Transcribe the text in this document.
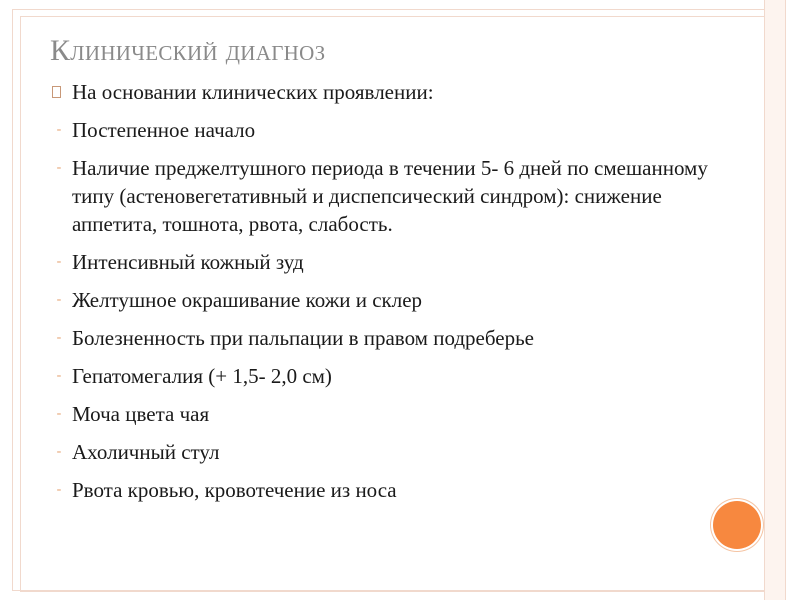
Клинический диагноз
На основании клинических проявлении:
- Постепенное начало
- Наличие преджелтушного периода в течении 5- 6 дней по смешанному типу (астеновегетативный и диспепсический синдром): снижение аппетита, тошнота, рвота, слабость.
- Интенсивный кожный зуд
- Желтушное окрашивание кожи и склер
- Болезненность при пальпации в правом подреберье
- Гепатомегалия (+ 1,5- 2,0 см)
- Моча цвета чая
- Ахоличный стул
- Рвота кровью, кровотечение из носа
